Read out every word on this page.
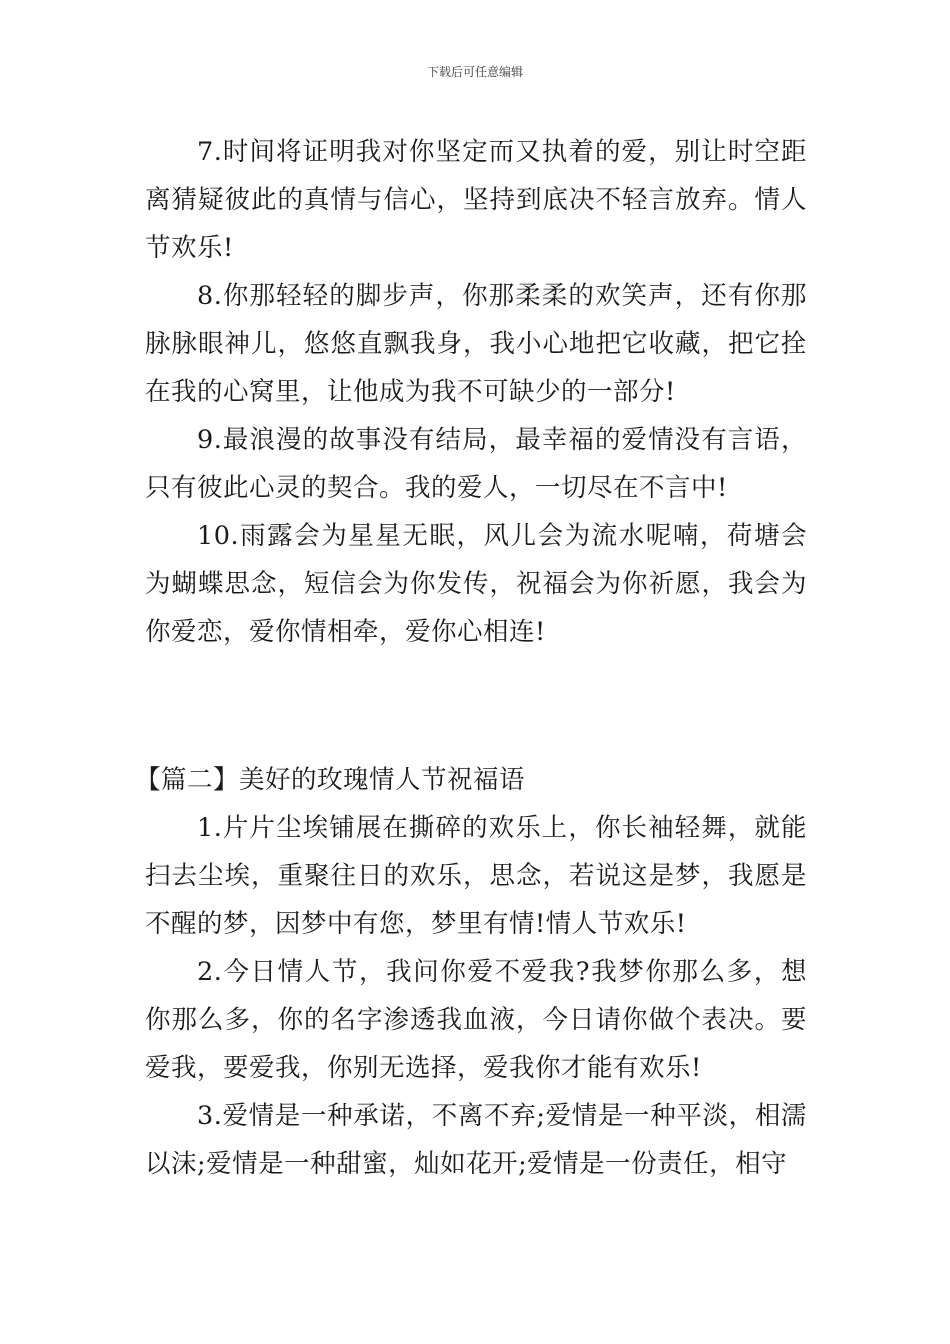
下载后可任意编辑

7.时间将证明我对你坚定而又执着的爱，别让时空距离猜疑彼此的真情与信心，坚持到底决不轻言放弃。情人节欢乐!

8.你那轻轻的脚步声，你那柔柔的欢笑声，还有你那脉脉眼神儿，悠悠直飘我身，我小心地把它收藏，把它拴在我的心窝里，让他成为我不可缺少的一部分!

9.最浪漫的故事没有结局，最幸福的爱情没有言语，只有彼此心灵的契合。我的爱人，一切尽在不言中!

10.雨露会为星星无眠，风儿会为流水呢喃，荷塘会为蝴蝶思念，短信会为你发传，祝福会为你祈愿，我会为你爱恋，爱你情相牵，爱你心相连!

【篇二】美好的玫瑰情人节祝福语

1.片片尘埃铺展在撕碎的欢乐上，你长袖轻舞，就能扫去尘埃，重聚往日的欢乐，思念，若说这是梦，我愿是不醒的梦，因梦中有您，梦里有情!情人节欢乐!

2.今日情人节，我问你爱不爱我?我梦你那么多，想你那么多，你的名字渗透我血液，今日请你做个表决。要爱我，要爱我，你别无选择，爱我你才能有欢乐!

3.爱情是一种承诺，不离不弃;爱情是一种平淡，相濡以沫;爱情是一种甜蜜，灿如花开;爱情是一份责任，相守
